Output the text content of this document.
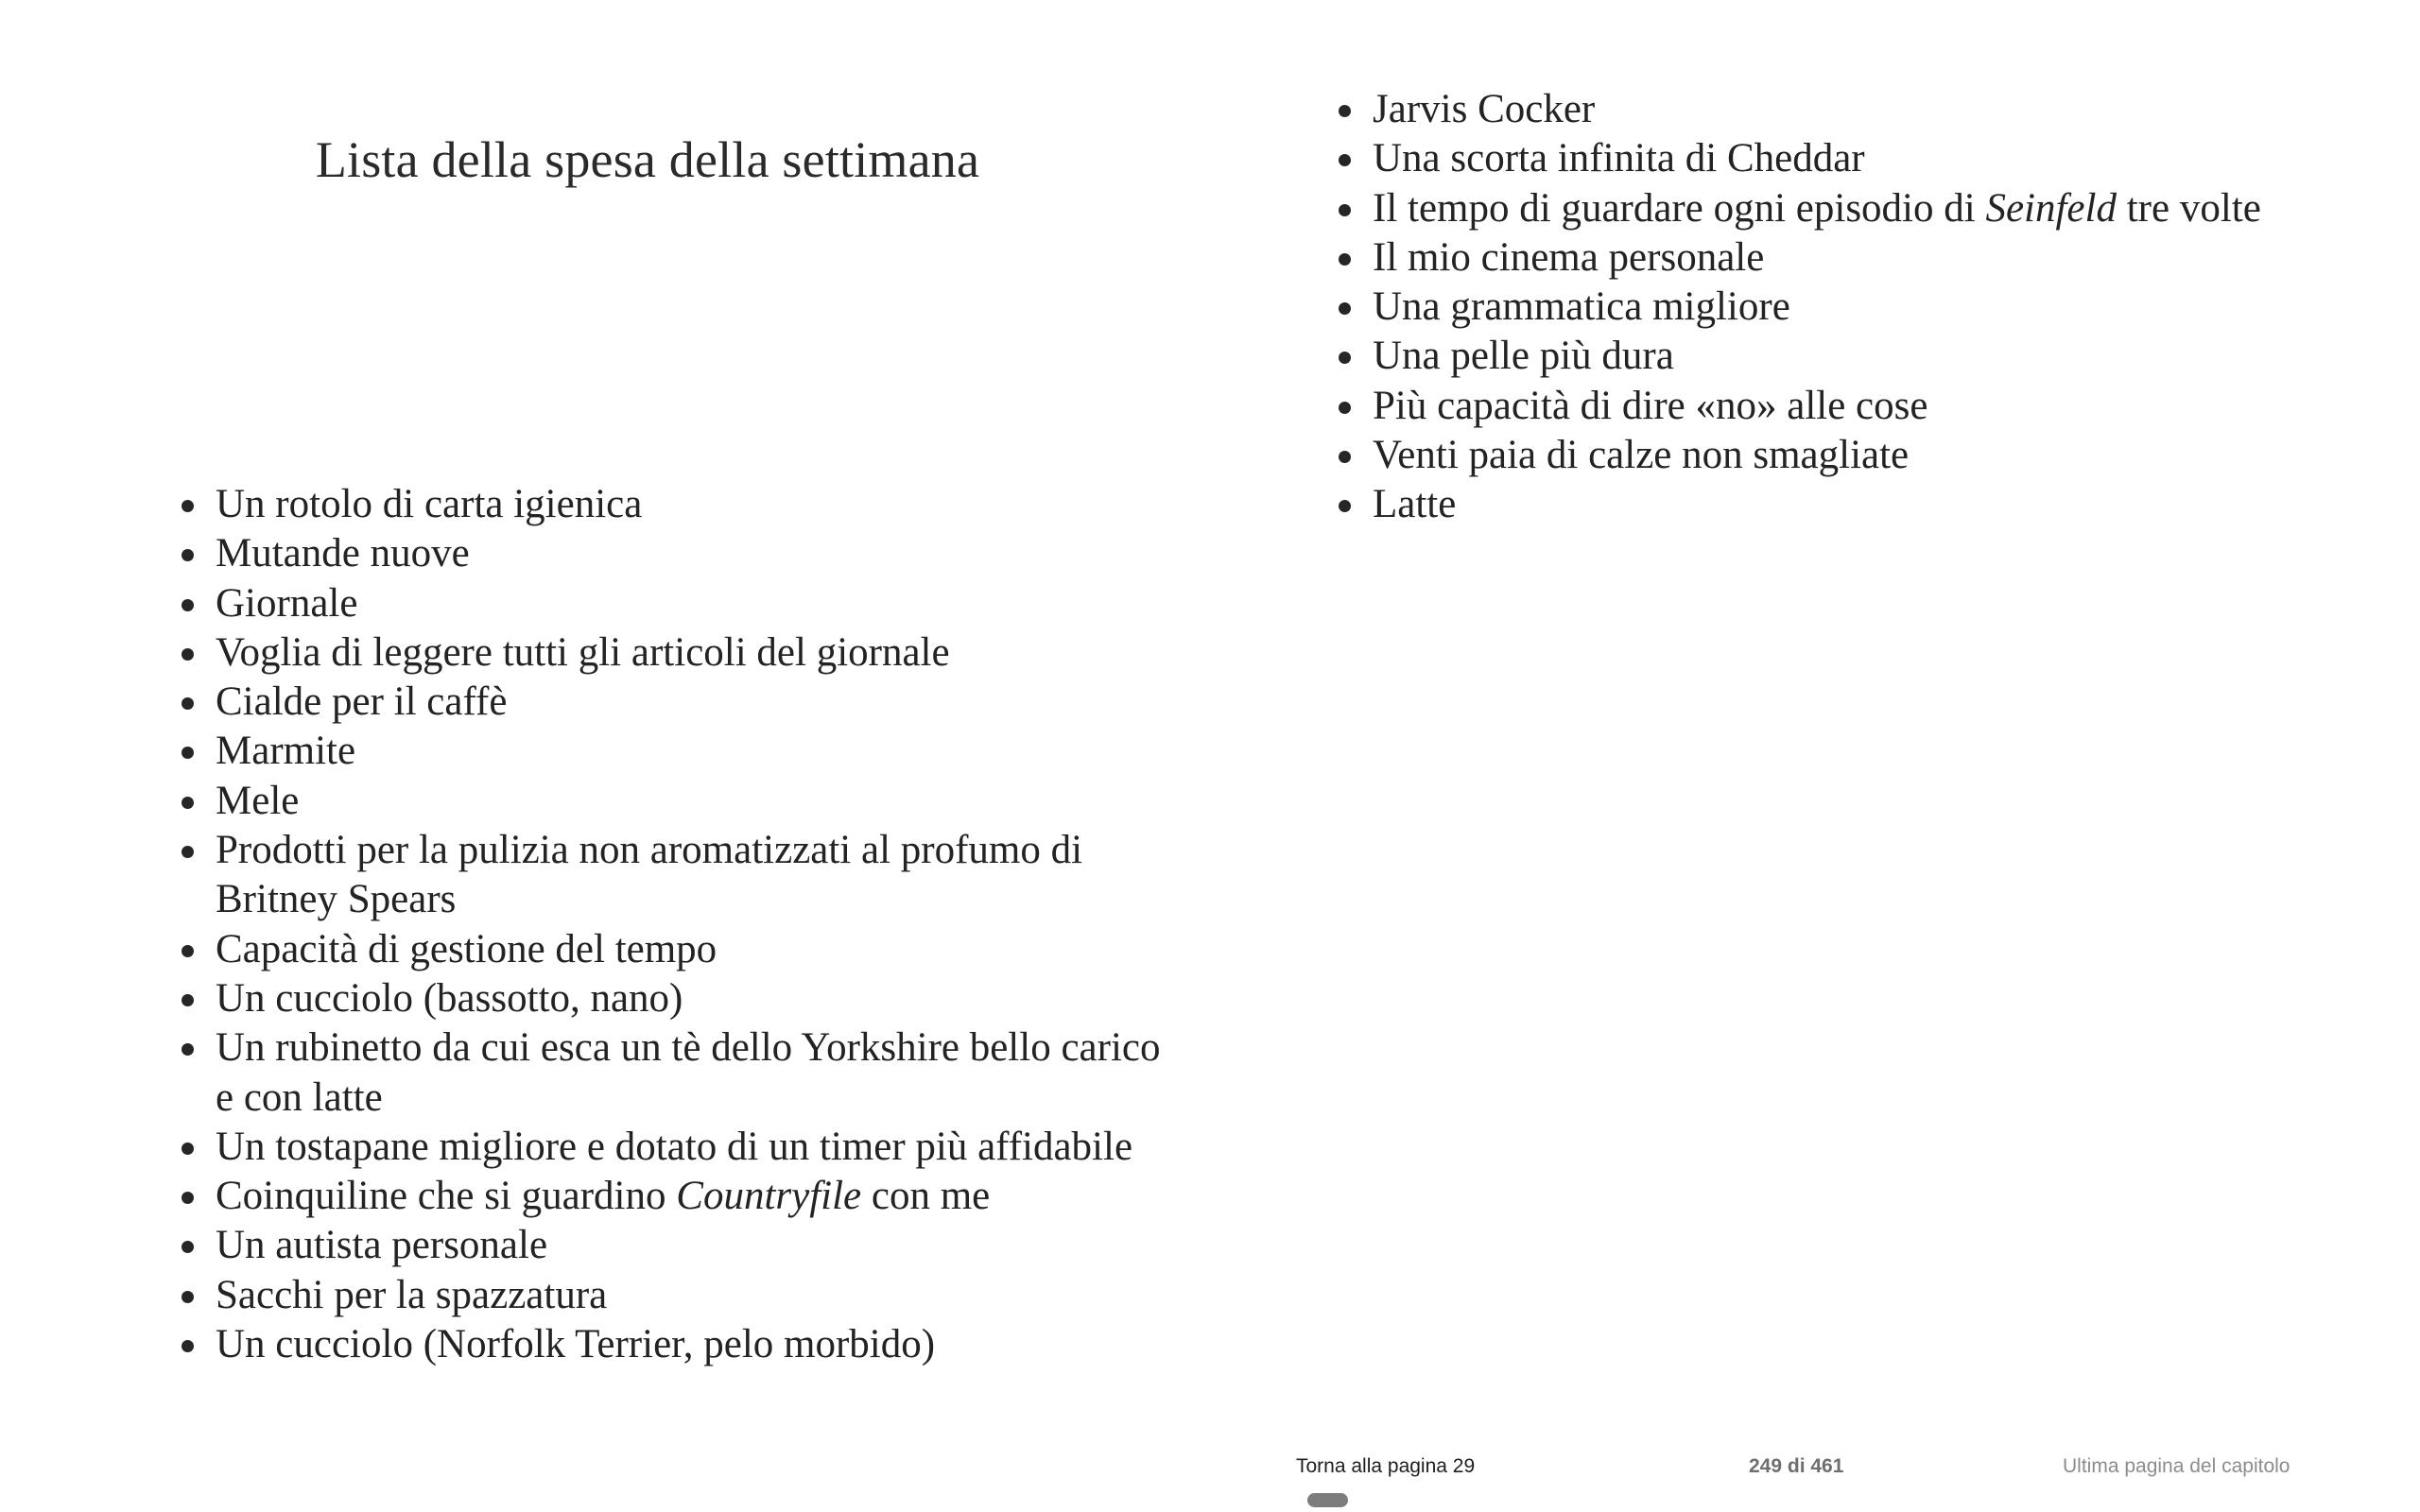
Lista della spesa della settimana
Un rotolo di carta igienica
Mutande nuove
Giornale
Voglia di leggere tutti gli articoli del giornale
Cialde per il caffè
Marmite
Mele
Prodotti per la pulizia non aromatizzati al profumo di Britney Spears
Capacità di gestione del tempo
Un cucciolo (bassotto, nano)
Un rubinetto da cui esca un tè dello Yorkshire bello carico e con latte
Un tostapane migliore e dotato di un timer più affidabile
Coinquiline che si guardino Countryfile con me
Un autista personale
Sacchi per la spazzatura
Un cucciolo (Norfolk Terrier, pelo morbido)
Jarvis Cocker
Una scorta infinita di Cheddar
Il tempo di guardare ogni episodio di Seinfeld tre volte
Il mio cinema personale
Una grammatica migliore
Una pelle più dura
Più capacità di dire «no» alle cose
Venti paia di calze non smagliate
Latte
Torna alla pagina 29	249 di 461	Ultima pagina del capitolo
